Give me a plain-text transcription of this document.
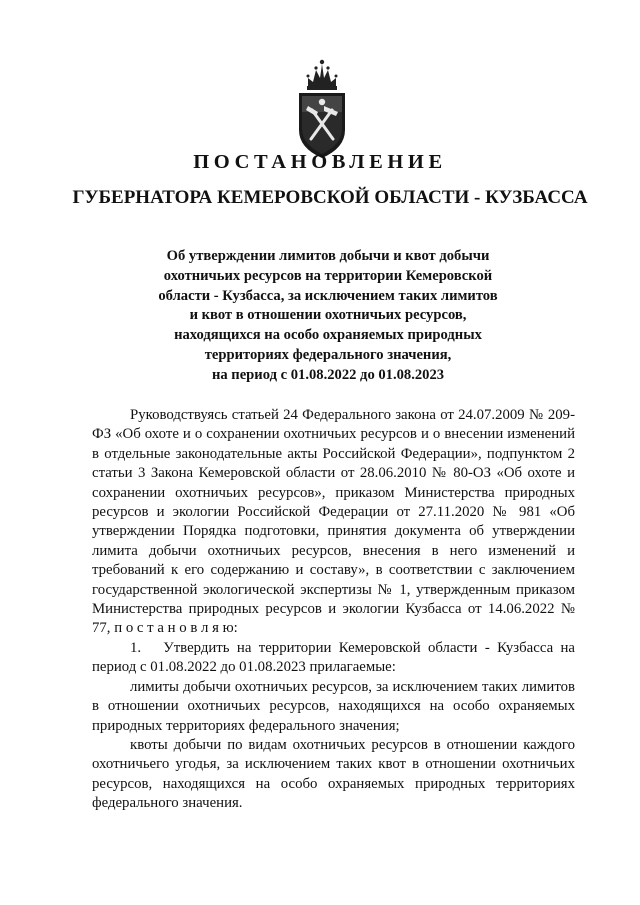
ПОСТАНОВЛЕНИЕ
ГУБЕРНАТОРА КЕМЕРОВСКОЙ ОБЛАСТИ - КУЗБАССА
Об утверждении лимитов добычи и квот добычи
охотничьих ресурсов на территории Кемеровской
области - Кузбасса, за исключением таких лимитов
и квот в отношении охотничьих ресурсов,
находящихся на особо охраняемых природных
территориях федерального значения,
на период с 01.08.2022 до 01.08.2023

Руководствуясь статьей 24 Федерального закона от 24.07.2009 № 209-ФЗ «Об охоте и о сохранении охотничьих ресурсов и о внесении изменений в отдельные законодательные акты Российской Федерации», подпунктом 2 статьи 3 Закона Кемеровской области от 28.06.2010 № 80-ОЗ «Об охоте и сохранении охотничьих ресурсов», приказом Министерства природных ресурсов и экологии Российской Федерации от 27.11.2020 № 981 «Об утверждении Порядка подготовки, принятия документа об утверждении лимита добычи охотничьих ресурсов, внесения в него изменений и требований к его содержанию и составу», в соответствии с заключением государственной экологической экспертизы № 1, утвержденным приказом Министерства природных ресурсов и экологии Кузбасса от 14.06.2022 № 77, п о с т а н о в л я ю:

1.   Утвердить на территории Кемеровской области - Кузбасса на период с 01.08.2022 до 01.08.2023 прилагаемые:

лимиты добычи охотничьих ресурсов, за исключением таких лимитов в отношении охотничьих ресурсов, находящихся на особо охраняемых природных территориях федерального значения;

квоты добычи по видам охотничьих ресурсов в отношении каждого охотничьего угодья, за исключением таких квот в отношении охотничьих ресурсов, находящихся на особо охраняемых природных территориях федерального значения.
